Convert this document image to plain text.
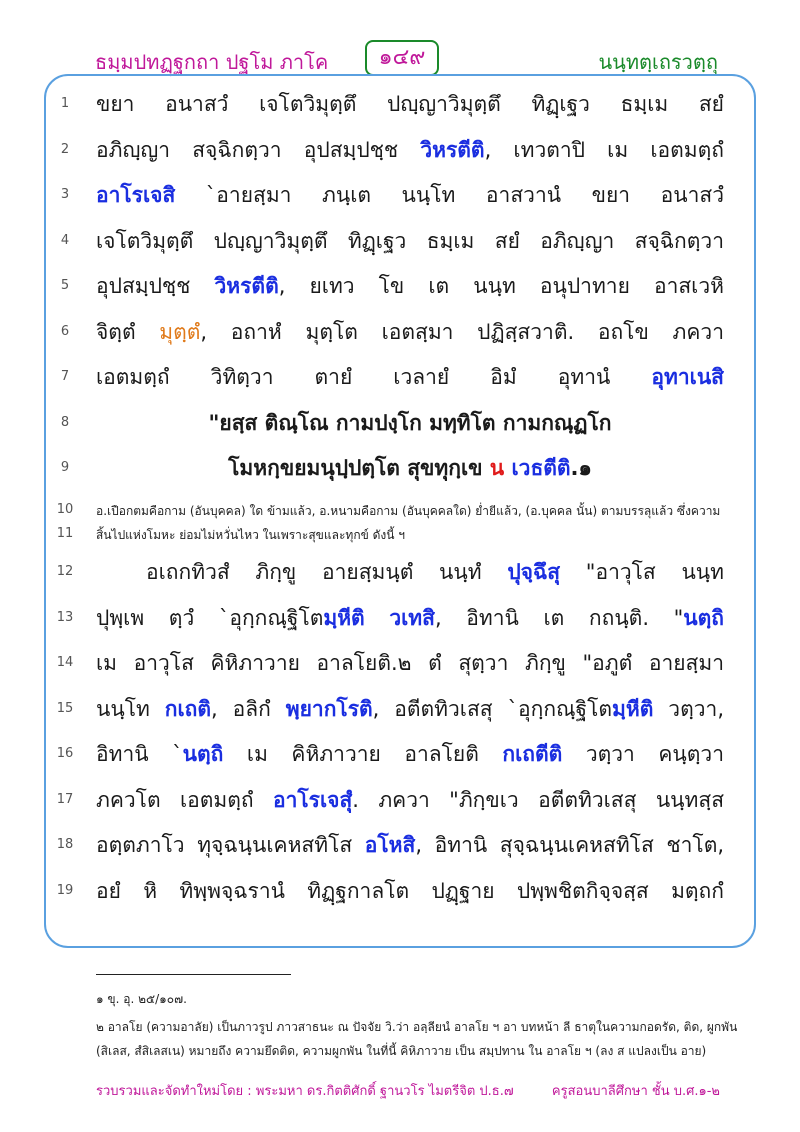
ธมฺมปทฏฺฐกถา ปฐโม ภาโค	๑๔๙	นนฺทตฺเถรวตฺถุ
1	ขยา อนาสวํ เจโตวิมุตฺตึ ปญฺญาวิมุตฺตึ ทิฏฺเฐว ธมฺเม สยํ
2	อภิญฺญา สจฺฉิกตฺวา อุปสมฺปชฺช วิหรตีติ, เทวตาปิ เม เอตมตฺถํ
3	อาโรเจสิ `อายสฺมา ภนฺเต นนฺโท อาสวานํ ขยา อนาสวํ
4	เจโตวิมุตฺตึ ปญฺญาวิมุตฺตึ ทิฏฺเฐว ธมฺเม สยํ อภิญฺญา สจฺฉิกตฺวา
5	อุปสมฺปชฺช วิหรตีติ, ยเทว โข เต นนฺท อนุปาทาย อาสเวหิ
6	จิตฺตํ มุตฺตํ, อถาหํ มุตฺโต เอตสฺมา ปฏิสฺสวาติ. อถโข ภควา
7	เอตมตฺถํ วิทิตฺวา ตายํ เวลายํ อิมํ อุทานํ อุทาเนสิ
8	"ยสฺส ติณฺโณ กามปงฺโก มทฺทิโต กามกณฺฏโก
9	โมหกฺขยมนุปฺปตฺโต สุขทุกฺเข น เวธตีติ.๑
10	อ.เปือกตมคือกาม (อันบุคคล) ใด ข้ามแล้ว, อ.หนามคือกาม (อันบุคคลใด) ย่ำยีแล้ว, (อ.บุคคล นั้น) ตามบรรลุแล้ว ซึ่งความ
11	สิ้นไปแห่งโมหะ ย่อมไม่หวั่นไหว ในเพราะสุขและทุกข์ ดังนี้ ฯ
12	อเถกทิวสํ ภิกฺขู อายสฺมนฺตํ นนฺทํ ปุจฺฉึสุ "อาวุโส นนฺท
13	ปุพฺเพ ตฺวํ `อุกฺกณฺฐิโตมฺหีติ วเทสิ, อิทานิ เต กถนฺติ. "นตฺถิ
14	เม อาวุโส คิหิภาวาย อาลโยติ.๒ ตํ สุตฺวา ภิกฺขู "อภูตํ อายสฺมา
15	นนฺโท กเถติ, อลิกํ พฺยากโรติ, อตีตทิวเสสุ `อุกฺกณฺฐิโตมฺหีติ วตฺวา,
16	อิทานิ `นตฺถิ เม คิหิภาวาย อาลโยติ กเถตีติ วตฺวา คนฺตฺวา
17	ภควโต เอตมตฺถํ อาโรเจสุํ. ภควา "ภิกฺขเว อตีตทิวเสสุ นนฺทสฺส
18	อตฺตภาโว ทุจฺฉนฺนเคหสทิโส อโหสิ, อิทานิ สุจฺฉนฺนเคหสทิโส ชาโต,
19	อยํ หิ ทิพฺพจฺฉรานํ ทิฏฺฐกาลโต ปฏฺฐาย ปพฺพชิตกิจฺจสฺส มตฺถกํ
๑ ขุ. อุ. ๒๕/๑๐๗.
๒ อาลโย (ความอาลัย) เป็นภาวรูป ภาวสาธนะ ณ ปัจจัย วิ.ว่า อลฺลียนํ อาลโย ฯ อา บทหน้า ลี ธาตุในความกอดรัด, ติด, ผูกพัน
(สิเลส, สํสิเลสเน) หมายถึง ความยึดติด, ความผูกพัน ในที่นี้ คิหิภาวาย เป็น สมฺปทาน ใน อาลโย ฯ (ลง ส แปลงเป็น อาย)
รวบรวมและจัดทำใหม่โดย : พระมหา ดร.กิตติศักดิ์ ฐานวโร ไมตรีจิต ป.ธ.๗	ครูสอนบาลีศึกษา ชั้น บ.ศ.๑-๒
